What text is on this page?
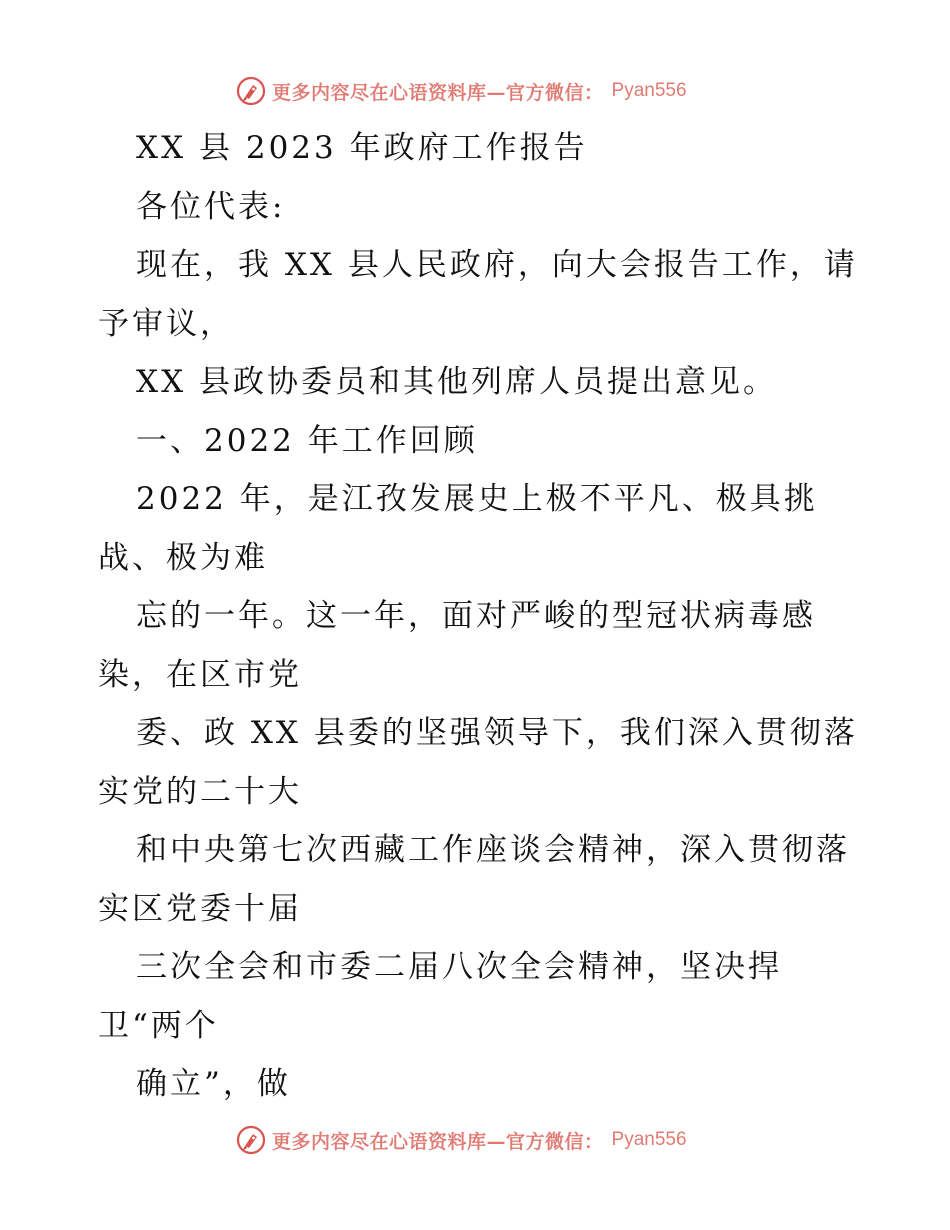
更多内容尽在心语资料库—官方微信： Pyan556
XX 县 2023 年政府工作报告
各位代表:
现在，我 XX 县人民政府，向大会报告工作，请
予审议，
XX 县政协委员和其他列席人员提出意见。
一、2022 年工作回顾
2022 年，是江孜发展史上极不平凡、极具挑
战、极为难
忘的一年。这一年，面对严峻的型冠状病毒感
染，在区市党
委、政 XX 县委的坚强领导下，我们深入贯彻落
实党的二十大
和中央第七次西藏工作座谈会精神，深入贯彻落
实区党委十届
三次全会和市委二届八次全会精神，坚决捍
卫“两个
确立”，做
更多内容尽在心语资料库—官方微信： Pyan556
